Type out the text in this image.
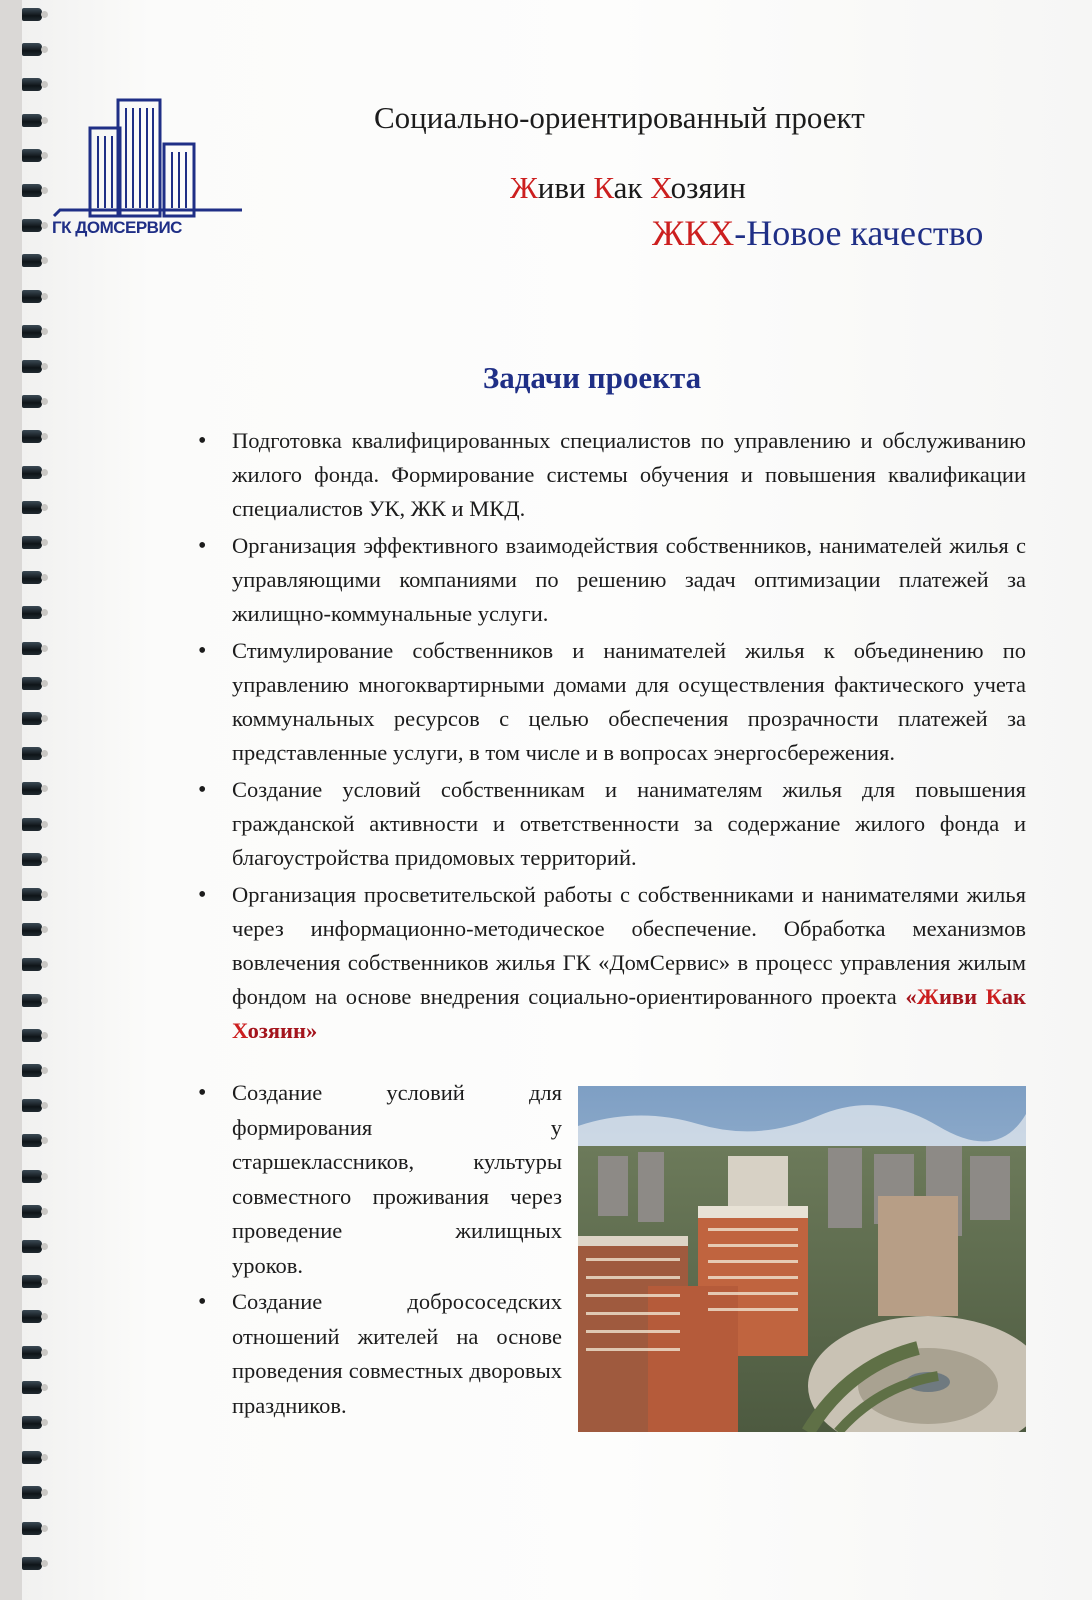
ГК ДОМСЕРВИС
Социально-ориентированный проект
Живи Как Хозяин
ЖКХ-Новое качество
Задачи проекта
• Подготовка квалифицированных специалистов по управлению и обслуживанию жилого фонда. Формирование системы обучения и повышения квалификации специалистов УК, ЖК и МКД.
• Организация эффективного взаимодействия собственников, нанимателей жилья с управляющими компаниями по решению задач оптимизации платежей за жилищно-коммунальные услуги.
• Стимулирование собственников и нанимателей жилья к объединению по управлению многоквартирными домами для осуществления фактического учета коммунальных ресурсов с целью обеспечения прозрачности платежей за представленные услуги, в том числе и в вопросах энергосбережения.
• Создание условий собственникам и нанимателям жилья для повышения гражданской активности и ответственности за содержание жилого фонда и благоустройства придомовых территорий.
• Организация просветительской работы с собственниками и нанимателями жилья через информационно-методическое обеспечение. Обработка механизмов вовлечения собственников жилья ГК «ДомСервис» в процесс управления жилым фондом на основе внедрения социально-ориентированного проекта «Живи Как Хозяин»
• Создание условий для формирования у старшеклассников, культуры совместного проживания через проведение жилищных
уроков.
• Создание добрососедских отношений жителей на основе проведения совместных дворовых
праздников.
